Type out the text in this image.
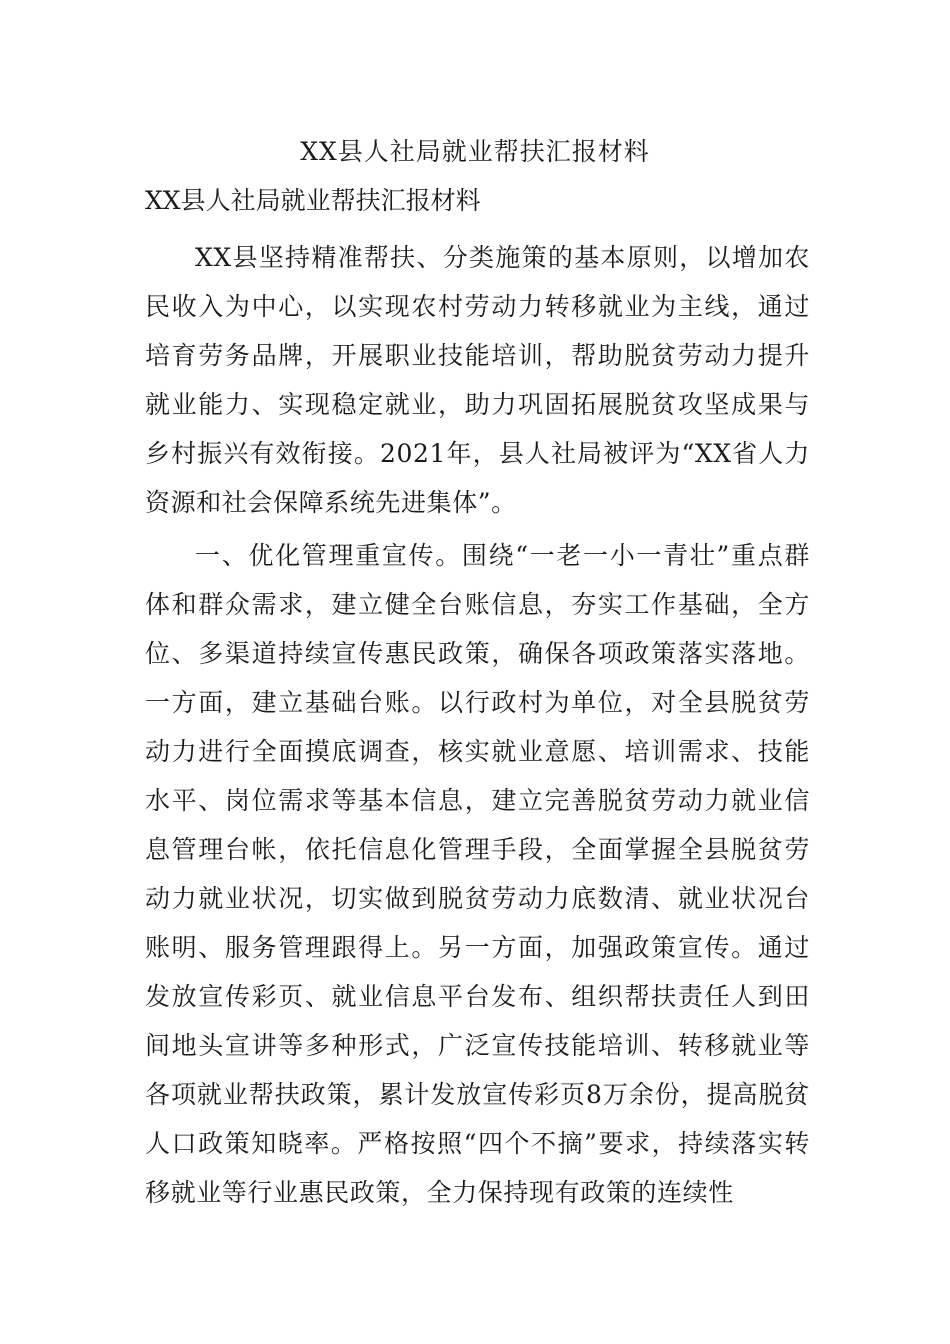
XX县人社局就业帮扶汇报材料
XX县人社局就业帮扶汇报材料

XX县坚持精准帮扶、分类施策的基本原则，以增加农民收入为中心，以实现农村劳动力转移就业为主线，通过培育劳务品牌，开展职业技能培训，帮助脱贫劳动力提升就业能力、实现稳定就业，助力巩固拓展脱贫攻坚成果与乡村振兴有效衔接。2021年，县人社局被评为“XX省人力资源和社会保障系统先进集体”。

一、优化管理重宣传。围绕“一老一小一青壮”重点群体和群众需求，建立健全台账信息，夯实工作基础，全方位、多渠道持续宣传惠民政策，确保各项政策落实落地。一方面，建立基础台账。以行政村为单位，对全县脱贫劳动力进行全面摸底调查，核实就业意愿、培训需求、技能水平、岗位需求等基本信息，建立完善脱贫劳动力就业信息管理台帐，依托信息化管理手段，全面掌握全县脱贫劳动力就业状况，切实做到脱贫劳动力底数清、就业状况台账明、服务管理跟得上。另一方面，加强政策宣传。通过发放宣传彩页、就业信息平台发布、组织帮扶责任人到田间地头宣讲等多种形式，广泛宣传技能培训、转移就业等各项就业帮扶政策，累计发放宣传彩页8万余份，提高脱贫人口政策知晓率。严格按照“四个不摘”要求，持续落实转移就业等行业惠民政策，全力保持现有政策的连续性
